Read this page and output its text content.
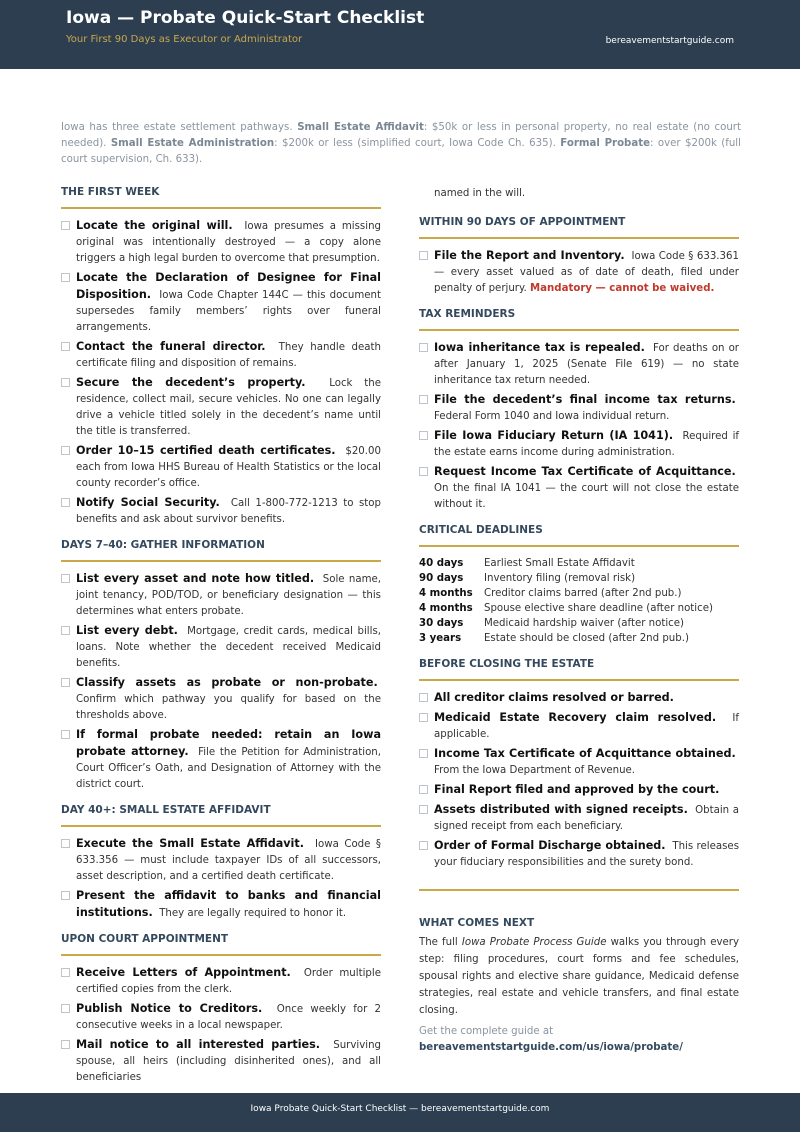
Iowa — Probate Quick-Start Checklist
Your First 90 Days as Executor or Administrator	bereavementstartguide.com
Iowa has three estate settlement pathways. Small Estate Affidavit: $50k or less in personal property, no real estate (no court needed). Small Estate Administration: $200k or less (simplified court, Iowa Code Ch. 635). Formal Probate: over $200k (full court supervision, Ch. 633).
THE FIRST WEEK
Locate the original will. Iowa presumes a missing original was intentionally destroyed — a copy alone triggers a high legal burden to overcome that presumption.
Locate the Declaration of Designee for Final Disposition. Iowa Code Chapter 144C — this document supersedes family members’ rights over funeral arrangements.
Contact the funeral director. They handle death certificate filing and disposition of remains.
Secure the decedent’s property. Lock the residence, collect mail, secure vehicles. No one can legally drive a vehicle titled solely in the decedent’s name until the title is transferred.
Order 10–15 certified death certificates. $20.00 each from Iowa HHS Bureau of Health Statistics or the local county recorder’s office.
Notify Social Security. Call 1-800-772-1213 to stop benefits and ask about survivor benefits.
DAYS 7–40: GATHER INFORMATION
List every asset and note how titled. Sole name, joint tenancy, POD/TOD, or beneficiary designation — this determines what enters probate.
List every debt. Mortgage, credit cards, medical bills, loans. Note whether the decedent received Medicaid benefits.
Classify assets as probate or non-probate.  Confirm which pathway you qualify for based on the thresholds above.
If formal probate needed: retain an Iowa probate attorney. File the Petition for Administration, Court Officer’s Oath, and Designation of Attorney with the district court.
DAY 40+: SMALL ESTATE AFFIDAVIT
Execute the Small Estate Affidavit. Iowa Code § 633.356 — must include taxpayer IDs of all successors, asset description, and a certified death certificate.
Present the affidavit to banks and financial institutions. They are legally required to honor it.
UPON COURT APPOINTMENT
Receive Letters of Appointment. Order multiple certified copies from the clerk.
Publish Notice to Creditors. Once weekly for 2 consecutive weeks in a local newspaper.
Mail notice to all interested parties. Surviving spouse, all heirs (including disinherited ones), and all beneficiaries
named in the will.
WITHIN 90 DAYS OF APPOINTMENT
File the Report and Inventory. Iowa Code § 633.361 — every asset valued as of date of death, filed under penalty of perjury. Mandatory — cannot be waived.
TAX REMINDERS
Iowa inheritance tax is repealed. For deaths on or after January 1, 2025 (Senate File 619) — no state inheritance tax return needed.
File the decedent’s final income tax returns.  Federal Form 1040 and Iowa individual return.
File Iowa Fiduciary Return (IA 1041). Required if the estate earns income during administration.
Request Income Tax Certificate of Acquittance.  On the final IA 1041 — the court will not close the estate without it.
CRITICAL DEADLINES
40 days	Earliest Small Estate Affidavit
90 days	Inventory filing (removal risk)
4 months	Creditor claims barred (after 2nd pub.)
4 months	Spouse elective share deadline (after notice)
30 days	Medicaid hardship waiver (after notice)
3 years	Estate should be closed (after 2nd pub.)
BEFORE CLOSING THE ESTATE
All creditor claims resolved or barred.
Medicaid Estate Recovery claim resolved. If applicable.
Income Tax Certificate of Acquittance obtained.  From the Iowa Department of Revenue.
Final Report filed and approved by the court.
Assets distributed with signed receipts. Obtain a signed receipt from each beneficiary.
Order of Formal Discharge obtained. This releases your fiduciary responsibilities and the surety bond.
WHAT COMES NEXT
The full Iowa Probate Process Guide walks you through every step: filing procedures, court forms and fee schedules, spousal rights and elective share guidance, Medicaid defense strategies, real estate and vehicle transfers, and final estate closing.
Get the complete guide at
bereavementstartguide.com/us/iowa/probate/
Iowa Probate Quick-Start Checklist — bereavementstartguide.com
